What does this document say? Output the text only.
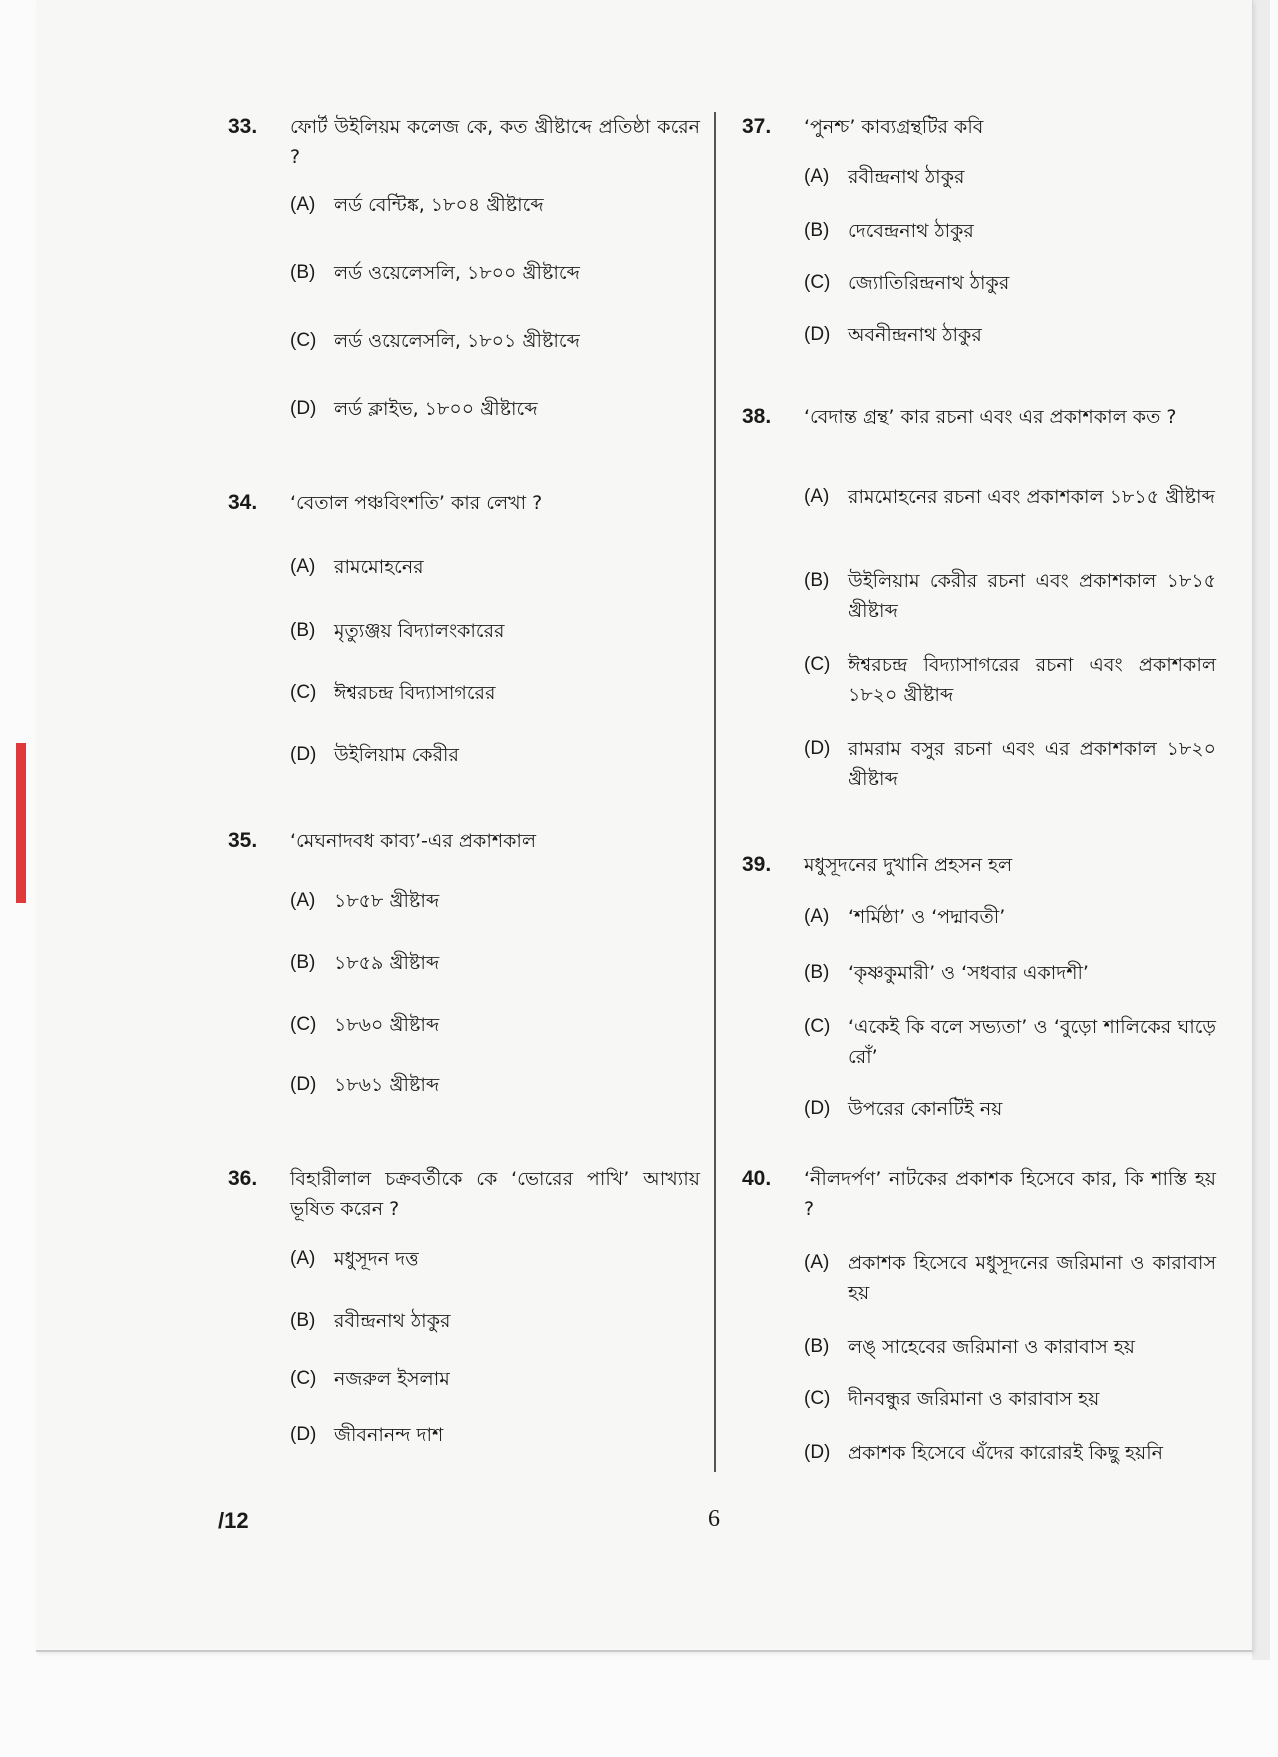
33.	ফোর্ট উইলিয়ম কলেজ কে, কত খ্রীষ্টাব্দে প্রতিষ্ঠা করেন ?
(A) লর্ড বেন্টিঙ্ক, ১৮০৪ খ্রীষ্টাব্দে
(B) লর্ড ওয়েলেসলি, ১৮০০ খ্রীষ্টাব্দে
(C) লর্ড ওয়েলেসলি, ১৮০১ খ্রীষ্টাব্দে
(D) লর্ড ক্লাইভ, ১৮০০ খ্রীষ্টাব্দে
34.	‘বেতাল পঞ্চবিংশতি’ কার লেখা ?
(A) রামমোহনের
(B) মৃত্যুঞ্জয় বিদ্যালংকারের
(C) ঈশ্বরচন্দ্র বিদ্যাসাগরের
(D) উইলিয়াম কেরীর
35.	‘মেঘনাদবধ কাব্য’-এর প্রকাশকাল
(A) ১৮৫৮ খ্রীষ্টাব্দ
(B) ১৮৫৯ খ্রীষ্টাব্দ
(C) ১৮৬০ খ্রীষ্টাব্দ
(D) ১৮৬১ খ্রীষ্টাব্দ
36.	বিহারীলাল চক্রবর্তীকে কে ‘ভোরের পাখি’ আখ্যায় ভূষিত করেন ?
(A) মধুসূদন দত্ত
(B) রবীন্দ্রনাথ ঠাকুর
(C) নজরুল ইসলাম
(D) জীবনানন্দ দাশ
37.	‘পুনশ্চ’ কাব্যগ্রন্থটির কবি
(A) রবীন্দ্রনাথ ঠাকুর
(B) দেবেন্দ্রনাথ ঠাকুর
(C) জ্যোতিরিন্দ্রনাথ ঠাকুর
(D) অবনীন্দ্রনাথ ঠাকুর
38.	‘বেদান্ত গ্রন্থ’ কার রচনা এবং এর প্রকাশকাল কত ?
(A) রামমোহনের রচনা এবং প্রকাশকাল ১৮১৫ খ্রীষ্টাব্দ
(B) উইলিয়াম কেরীর রচনা এবং প্রকাশকাল ১৮১৫ খ্রীষ্টাব্দ
(C) ঈশ্বরচন্দ্র বিদ্যাসাগরের রচনা এবং প্রকাশকাল ১৮২০ খ্রীষ্টাব্দ
(D) রামরাম বসুর রচনা এবং এর প্রকাশকাল ১৮২০ খ্রীষ্টাব্দ
39.	মধুসূদনের দুখানি প্রহসন হল
(A) ‘শর্মিষ্ঠা’ ও ‘পদ্মাবতী’
(B) ‘কৃষ্ণকুমারী’ ও ‘সধবার একাদশী’
(C) ‘একেই কি বলে সভ্যতা’ ও ‘বুড়ো শালিকের ঘাড়ে রোঁ’
(D) উপরের কোনটিই নয়
40.	‘নীলদর্পণ’ নাটকের প্রকাশক হিসেবে কার, কি শাস্তি হয় ?
(A) প্রকাশক হিসেবে মধুসূদনের জরিমানা ও কারাবাস হয়
(B) লঙ্ সাহেবের জরিমানা ও কারাবাস হয়
(C) দীনবন্ধুর জরিমানা ও কারাবাস হয়
(D) প্রকাশক হিসেবে এঁদের কারোরই কিছু হয়নি
/12	6
